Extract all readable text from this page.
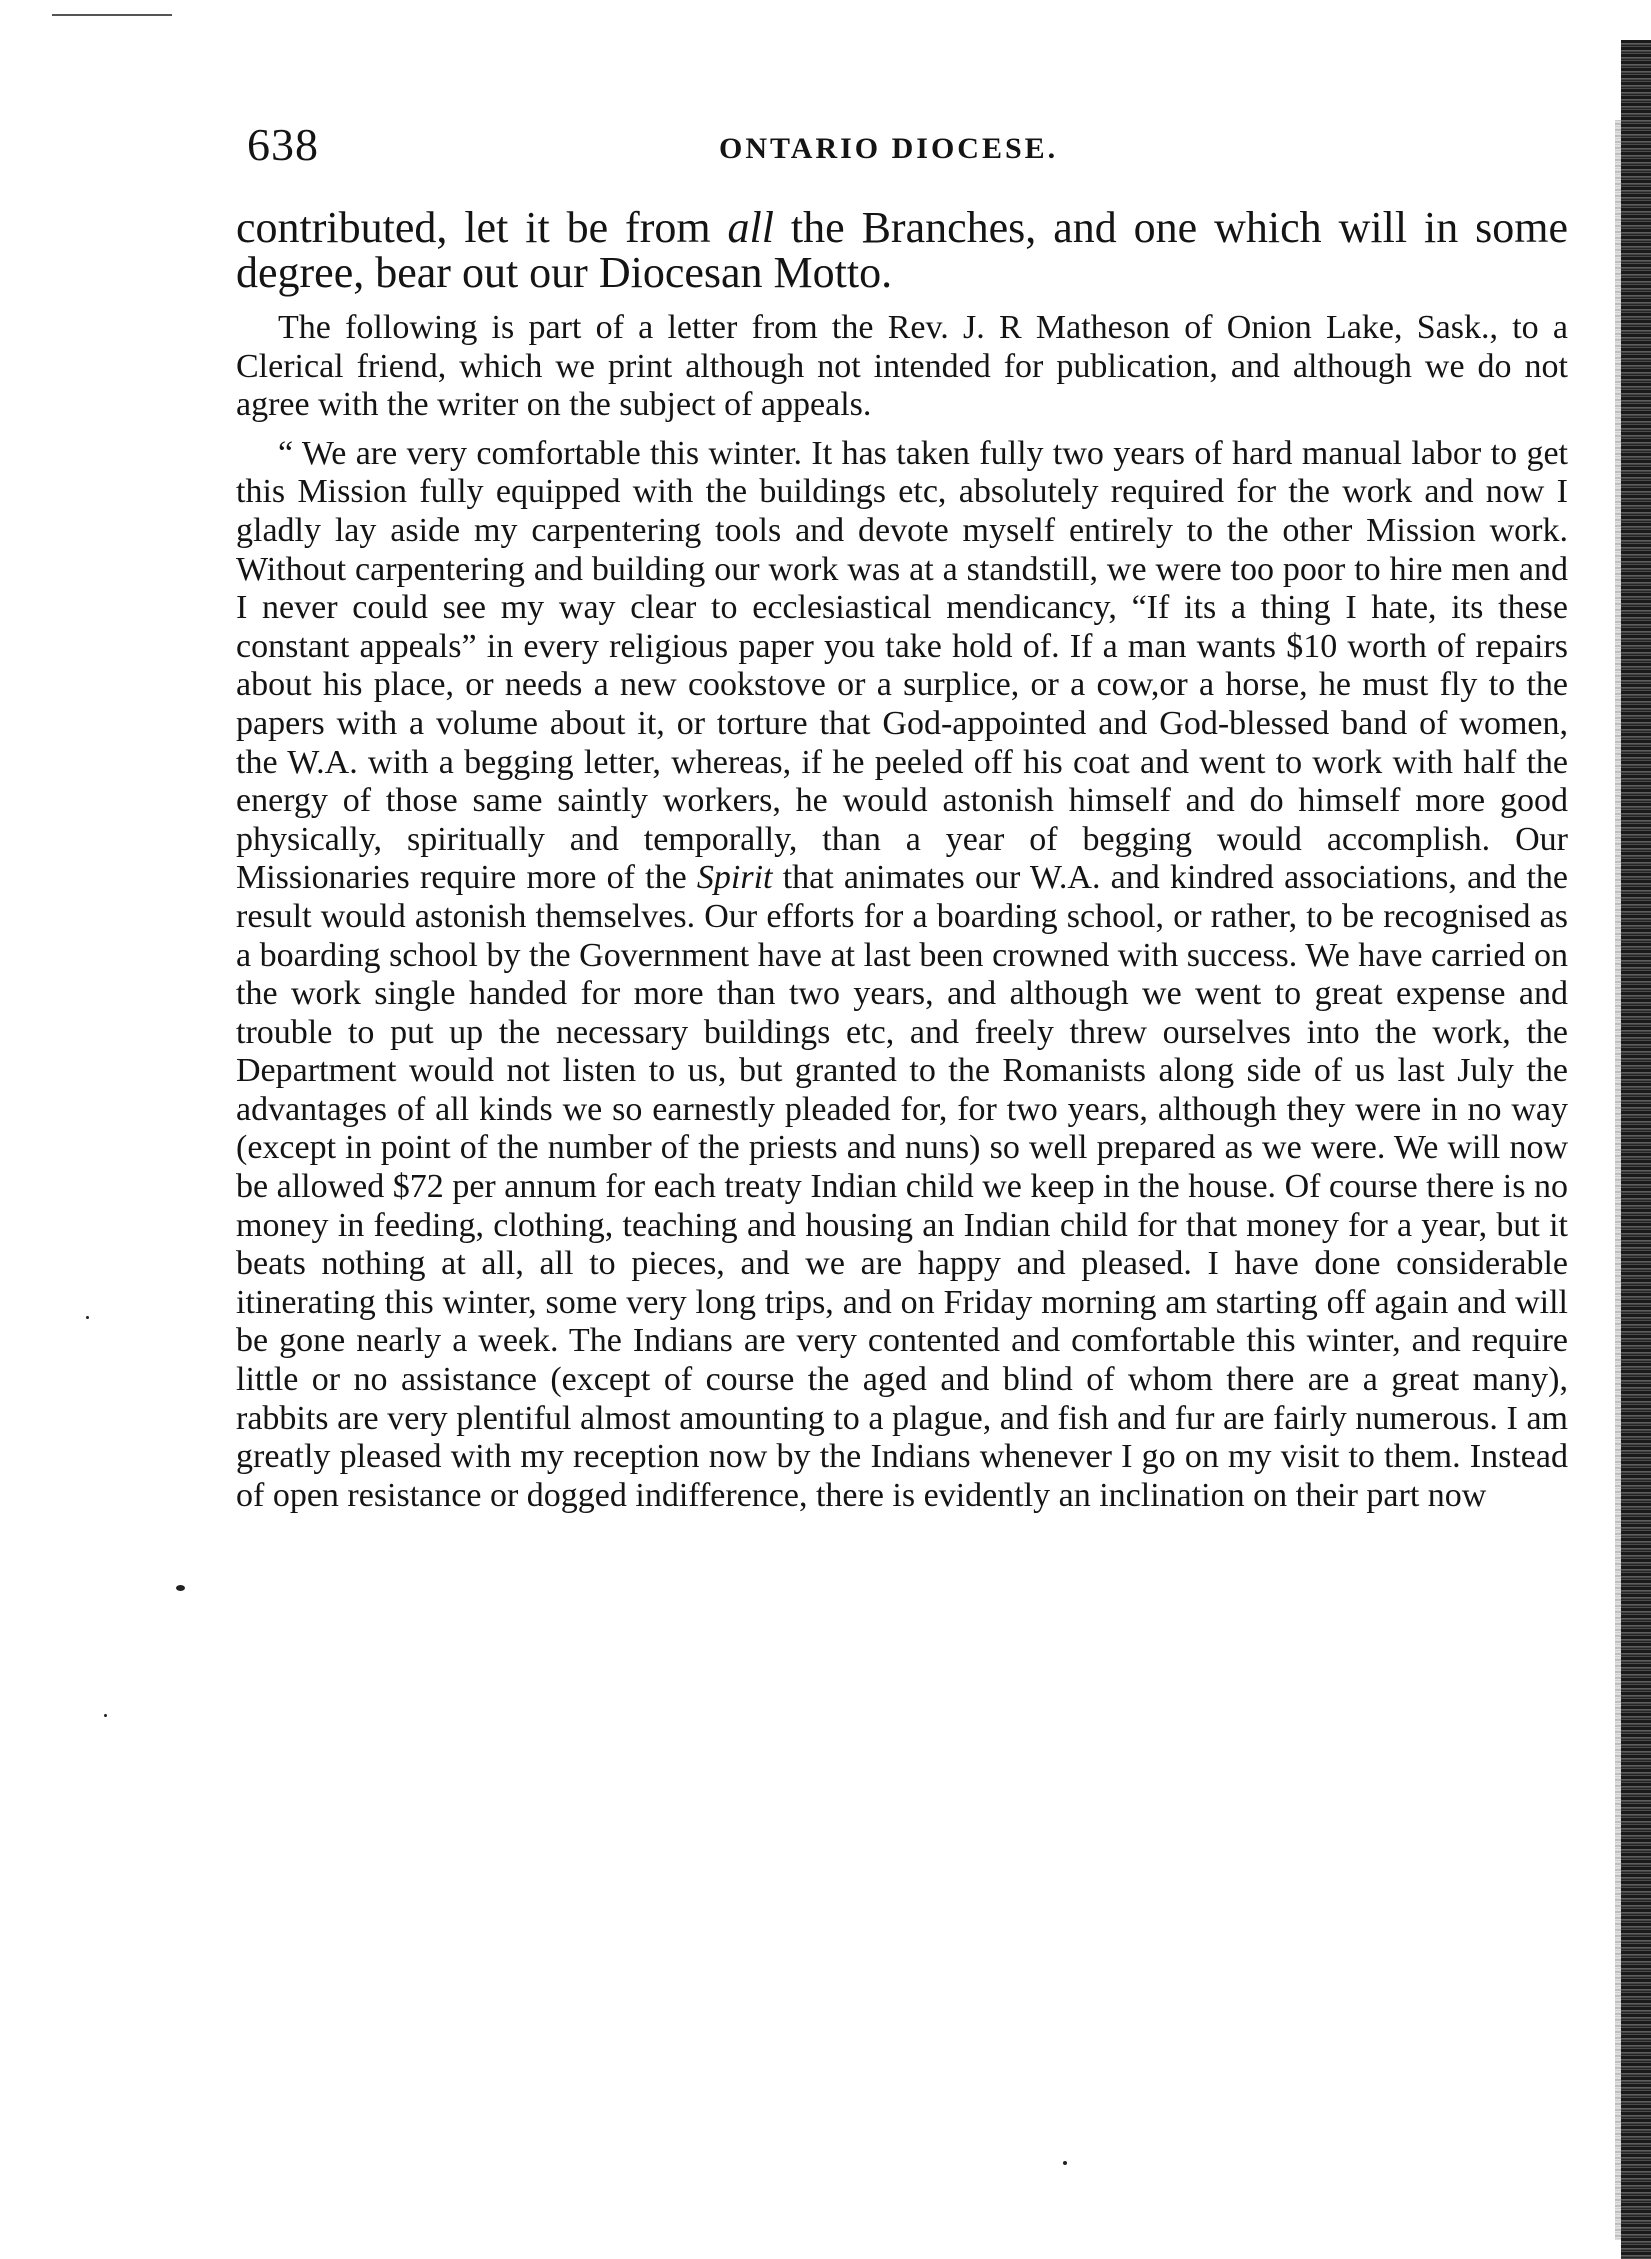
638	ONTARIO DIOCESE.

contributed, let it be from all the Branches, and one which will in some degree, bear out our Diocesan Motto.

The following is part of a letter from the Rev. J. R Matheson of Onion Lake, Sask., to a Clerical friend, which we print although not intended for publication, and although we do not agree with the writer on the subject of appeals.

“ We are very comfortable this winter. It has taken fully two years of hard manual labor to get this Mission fully equipped with the buildings etc, absolutely required for the work and now I gladly lay aside my carpentering tools and devote myself entirely to the other Mission work. Without carpentering and building our work was at a standstill, we were too poor to hire men and I never could see my way clear to ecclesiastical mendicancy, “If its a thing I hate, its these constant appeals” in every religious paper you take hold of. If a man wants $10 worth of repairs about his place, or needs a new cookstove or a surplice, or a cow,or a horse, he must fly to the papers with a volume about it, or torture that God-appointed and God-blessed band of women, the W.A. with a begging letter, whereas, if he peeled off his coat and went to work with half the energy of those same saintly workers, he would astonish himself and do himself more good physically, spiritually and temporally, than a year of begging would accomplish. Our Missionaries require more of the Spirit that animates our W.A. and kindred associations, and the result would astonish themselves. Our efforts for a boarding school, or rather, to be recognised as a boarding school by the Government have at last been crowned with success. We have carried on the work single handed for more than two years, and although we went to great expense and trouble to put up the necessary buildings etc, and freely threw ourselves into the work, the Department would not listen to us, but granted to the Romanists along side of us last July the advantages of all kinds we so earnestly pleaded for, for two years, although they were in no way (except in point of the number of the priests and nuns) so well prepared as we were. We will now be allowed $72 per annum for each treaty Indian child we keep in the house. Of course there is no money in feeding, clothing, teaching and housing an Indian child for that money for a year, but it beats nothing at all, all to pieces, and we are happy and pleased. I have done considerable itinerating this winter, some very long trips, and on Friday morning am starting off again and will be gone nearly a week. The Indians are very contented and comfortable this winter, and require little or no assistance (except of course the aged and blind of whom there are a great many), rabbits are very plentiful almost amounting to a plague, and fish and fur are fairly numerous. I am greatly pleased with my reception now by the Indians whenever I go on my visit to them. Instead of open resistance or dogged indifference, there is evidently an inclination on their part now
